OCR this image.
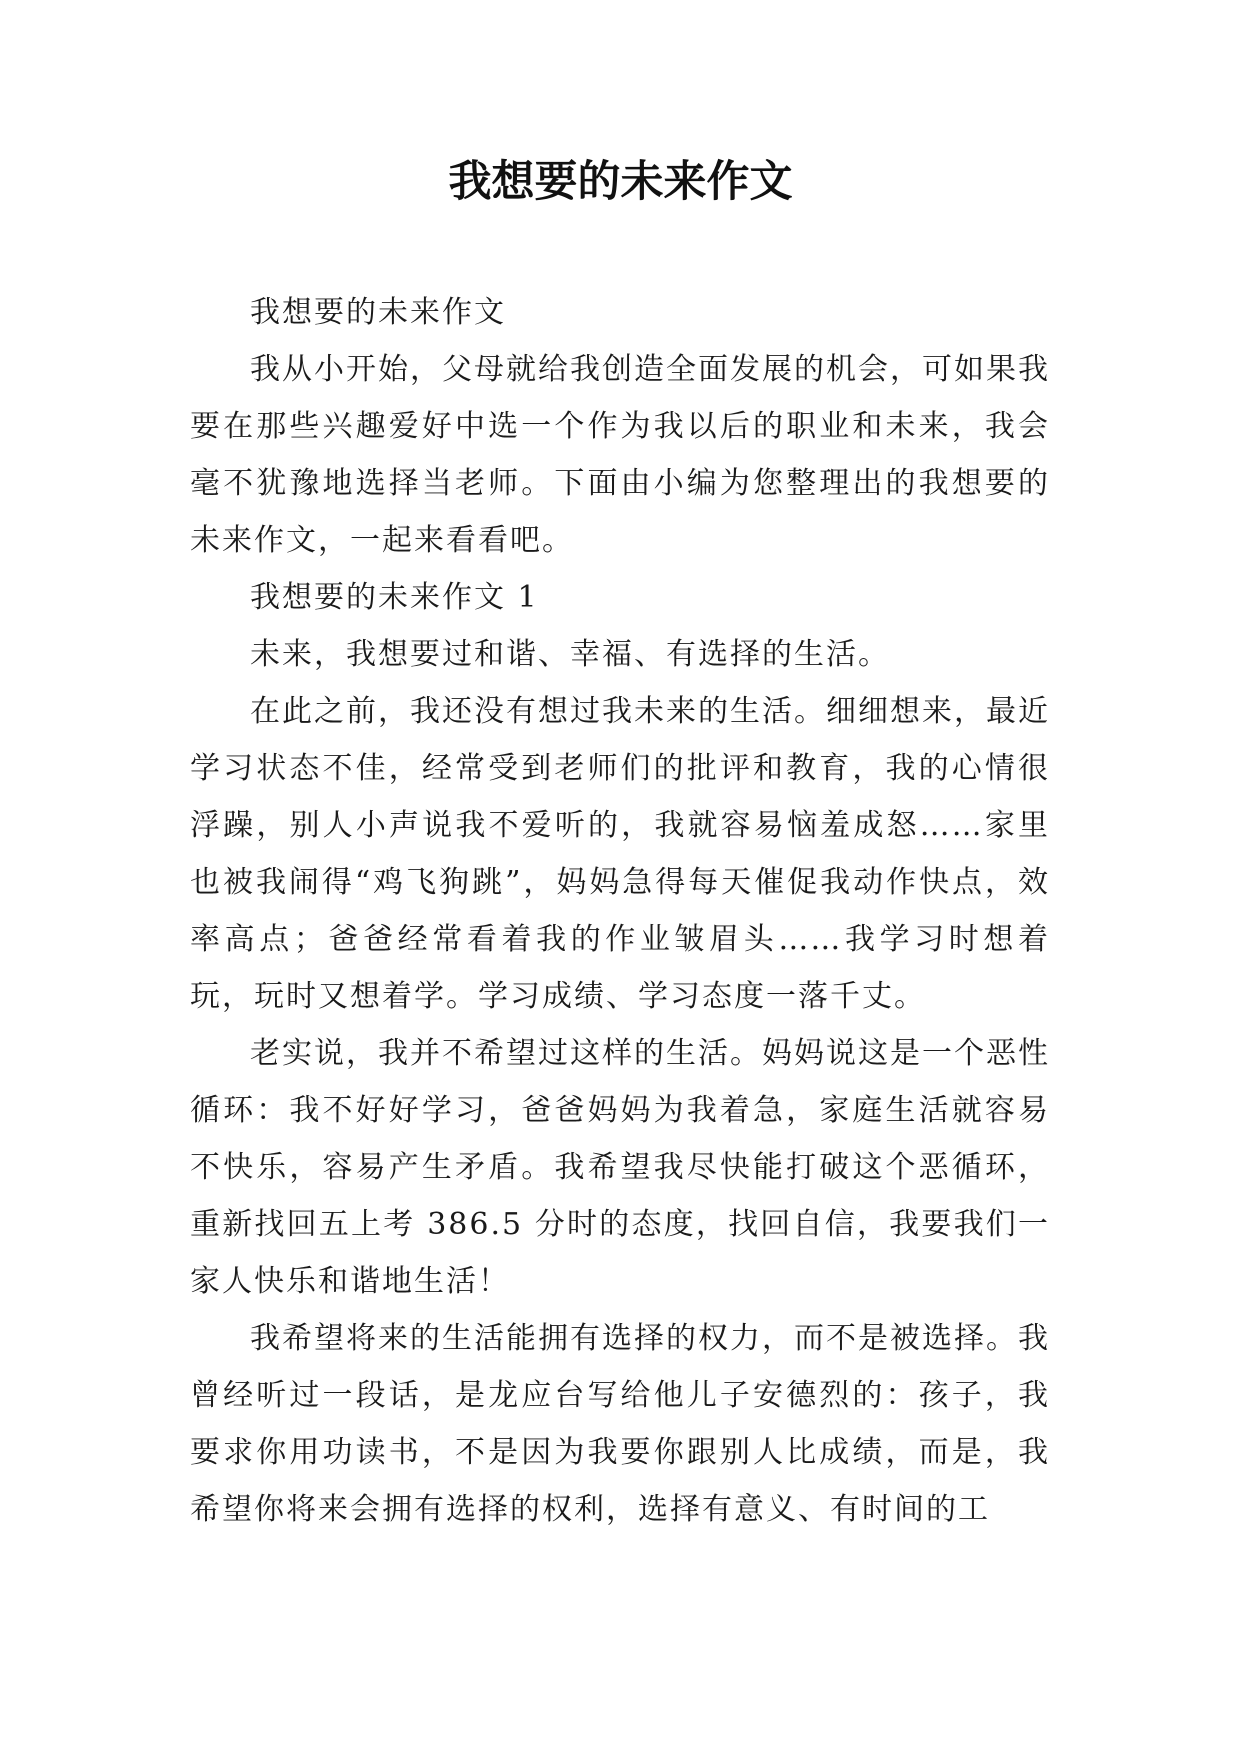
我想要的未来作文

我想要的未来作文

我从小开始，父母就给我创造全面发展的机会，可如果我要在那些兴趣爱好中选一个作为我以后的职业和未来，我会毫不犹豫地选择当老师。下面由小编为您整理出的我想要的未来作文，一起来看看吧。

我想要的未来作文 1

未来，我想要过和谐、幸福、有选择的生活。

在此之前，我还没有想过我未来的生活。细细想来，最近学习状态不佳，经常受到老师们的批评和教育，我的心情很浮躁，别人小声说我不爱听的，我就容易恼羞成怒……家里也被我闹得“鸡飞狗跳”，妈妈急得每天催促我动作快点，效率高点；爸爸经常看着我的作业皱眉头……我学习时想着玩，玩时又想着学。学习成绩、学习态度一落千丈。

老实说，我并不希望过这样的生活。妈妈说这是一个恶性循环：我不好好学习，爸爸妈妈为我着急，家庭生活就容易不快乐，容易产生矛盾。我希望我尽快能打破这个恶循环，重新找回五上考 386.5 分时的态度，找回自信，我要我们一家人快乐和谐地生活！

我希望将来的生活能拥有选择的权力，而不是被选择。我曾经听过一段话，是龙应台写给他儿子安德烈的：孩子，我要求你用功读书，不是因为我要你跟别人比成绩，而是，我希望你将来会拥有选择的权利，选择有意义、有时间的工
